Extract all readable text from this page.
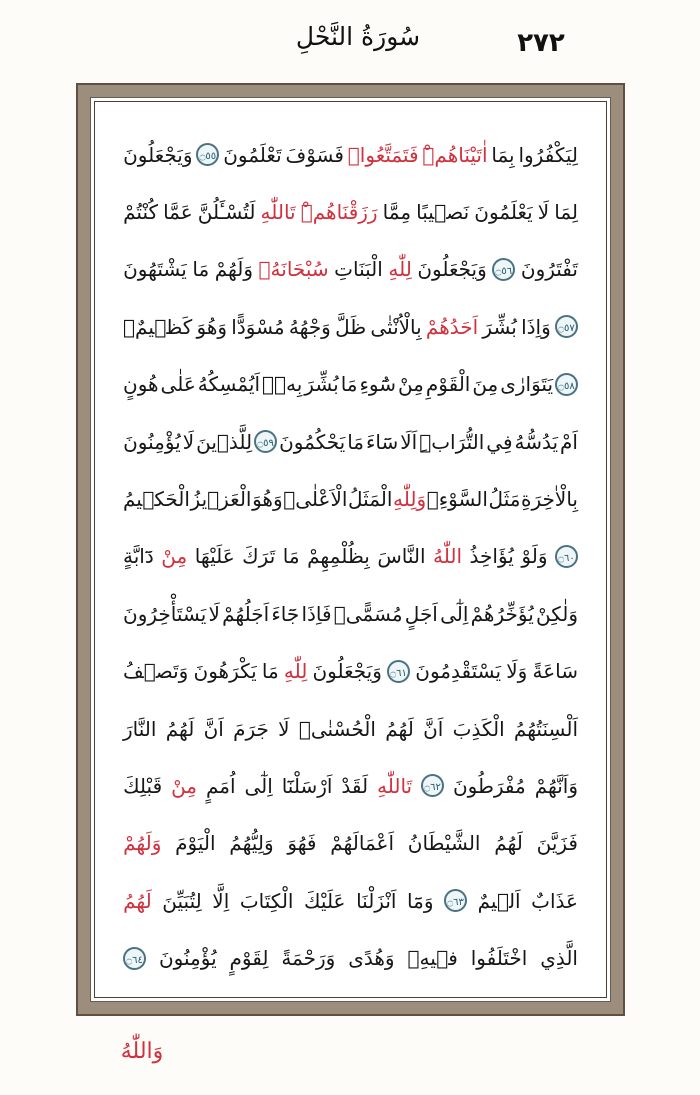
٢٧٢
سُورَةُ النَّحْلِ
لِيَكْفُرُوا
بِمَا
اٰتَيْنَاهُمْۜ
فَتَمَتَّعُواۜ
فَسَوْفَ
تَعْلَمُونَ
۝٥٥
وَيَجْعَلُونَ
لِمَا
لَا
يَعْلَمُونَ
نَص۪يبًا
مِمَّا
رَزَقْنَاهُمْۜ
تَاللّٰهِ
لَتُسْـَٔلُنَّ
عَمَّا
كُنْتُمْ
تَفْتَرُونَ
۝٥٦
وَيَجْعَلُونَ
لِلّٰهِ
الْبَنَاتِ
سُبْحَانَهُۙ
وَلَهُمْ
مَا
يَشْتَهُونَ
۝٥٧
وَاِذَا
بُشِّرَ
اَحَدُهُمْ
بِالْاُنْثٰى
ظَلَّ
وَجْهُهُ
مُسْوَدًّا
وَهُوَ
كَظ۪يمٌۚ
۝٥٨
يَتَوَارٰى
مِنَ
الْقَوْمِ
مِنْ
سُٓوءِ
مَا
بُشِّرَ
بِه۪ۜ
اَيُمْسِكُهُ
عَلٰى
هُونٍ
اَمْ
يَدُسُّهُ
فِي
التُّرَابِۜ
اَلَا
سَٓاءَ
مَا
يَحْكُمُونَ
۝٥٩
لِلَّذ۪ينَ
لَا
يُؤْمِنُونَ
بِالْاٰخِرَةِ
مَثَلُ
السَّوْءِۚ
وَلِلّٰهِ
الْمَثَلُ
الْاَعْلٰىۜ
وَهُوَ
الْعَز۪يزُ
الْحَك۪يمُ
۝٦٠
وَلَوْ
يُؤَاخِذُ
اللّٰهُ
النَّاسَ
بِظُلْمِهِمْ
مَا
تَرَكَ
عَلَيْهَا
مِنْ
دَٓابَّةٍ
وَلٰكِنْ
يُؤَخِّرُهُمْ
اِلٰٓى
اَجَلٍ
مُسَمًّىۚ
فَاِذَا
جَٓاءَ
اَجَلُهُمْ
لَا
يَسْتَأْخِرُونَ
سَاعَةً
وَلَا
يَسْتَقْدِمُونَ
۝٦١
وَيَجْعَلُونَ
لِلّٰهِ
مَا
يَكْرَهُونَ
وَتَص۪فُ
اَلْسِنَتُهُمُ
الْكَذِبَ
اَنَّ
لَهُمُ
الْحُسْنٰىۜ
لَا
جَرَمَ
اَنَّ
لَهُمُ
النَّارَ
وَاَنَّهُمْ
مُفْرَطُونَ
۝٦٢
تَاللّٰهِ
لَقَدْ
اَرْسَلْنَٓا
اِلٰٓى
اُمَمٍ
مِنْ
قَبْلِكَ
فَزَيَّنَ
لَهُمُ
الشَّيْطَانُ
اَعْمَالَهُمْ
فَهُوَ
وَلِيُّهُمُ
الْيَوْمَ
وَلَهُمْ
عَذَابٌ
اَل۪يمٌ
۝٦٣
وَمَٓا
اَنْزَلْنَا
عَلَيْكَ
الْكِتَابَ
اِلَّا
لِتُبَيِّنَ
لَهُمُ
الَّذِي
اخْتَلَفُوا
ف۪يهِۙ
وَهُدًى
وَرَحْمَةً
لِقَوْمٍ
يُؤْمِنُونَ
۝٦٤
وَاللّٰهُ
